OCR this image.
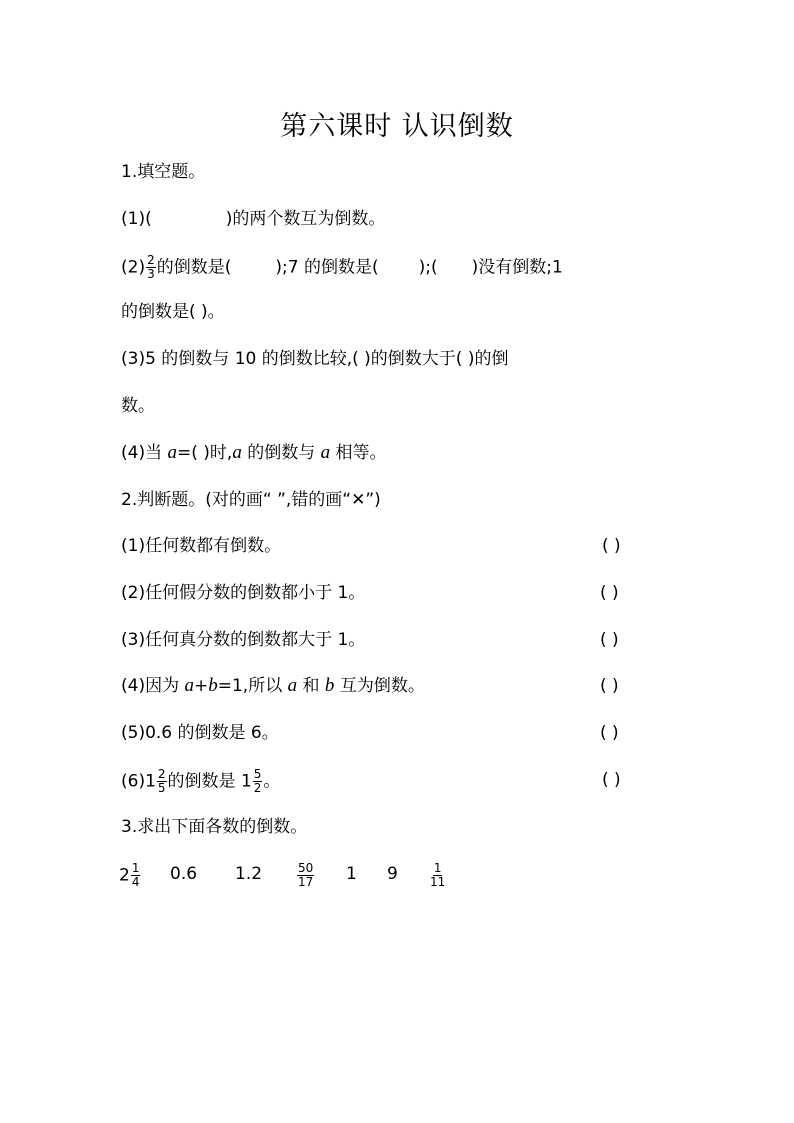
第六课时 认识倒数
1.填空题。
(1)(	)的两个数互为倒数。
$(2) \frac{2}{3}$ 的倒数是(	);7 的倒数是( );( )没有倒数;1
的倒数是( )。
(3)5 的倒数与 10 的倒数比较,( )的倒数大于( )的倒
数。
(4)当 a=( )时,a 的倒数与 a 相等。
2.判断题。(对的画“ ”,错的画“✕”)
(1)任何数都有倒数。	( )
(2)任何假分数的倒数都小于 1。	( )
(3)任何真分数的倒数都大于 1。	( )
(4)因为 a+b=1,所以 a 和 b 互为倒数。	( )
(5)0.6 的倒数是 6。	( )
$(6)1 \frac{2}{5}$ 的倒数是 $1 \frac{5}{2}$ 。	( )
3.求出下面各数的倒数。
$2 \frac{1}{4} 0.6$ 1.2	$\frac{50}{17} 1$ 9	$\frac{1}{11}$
